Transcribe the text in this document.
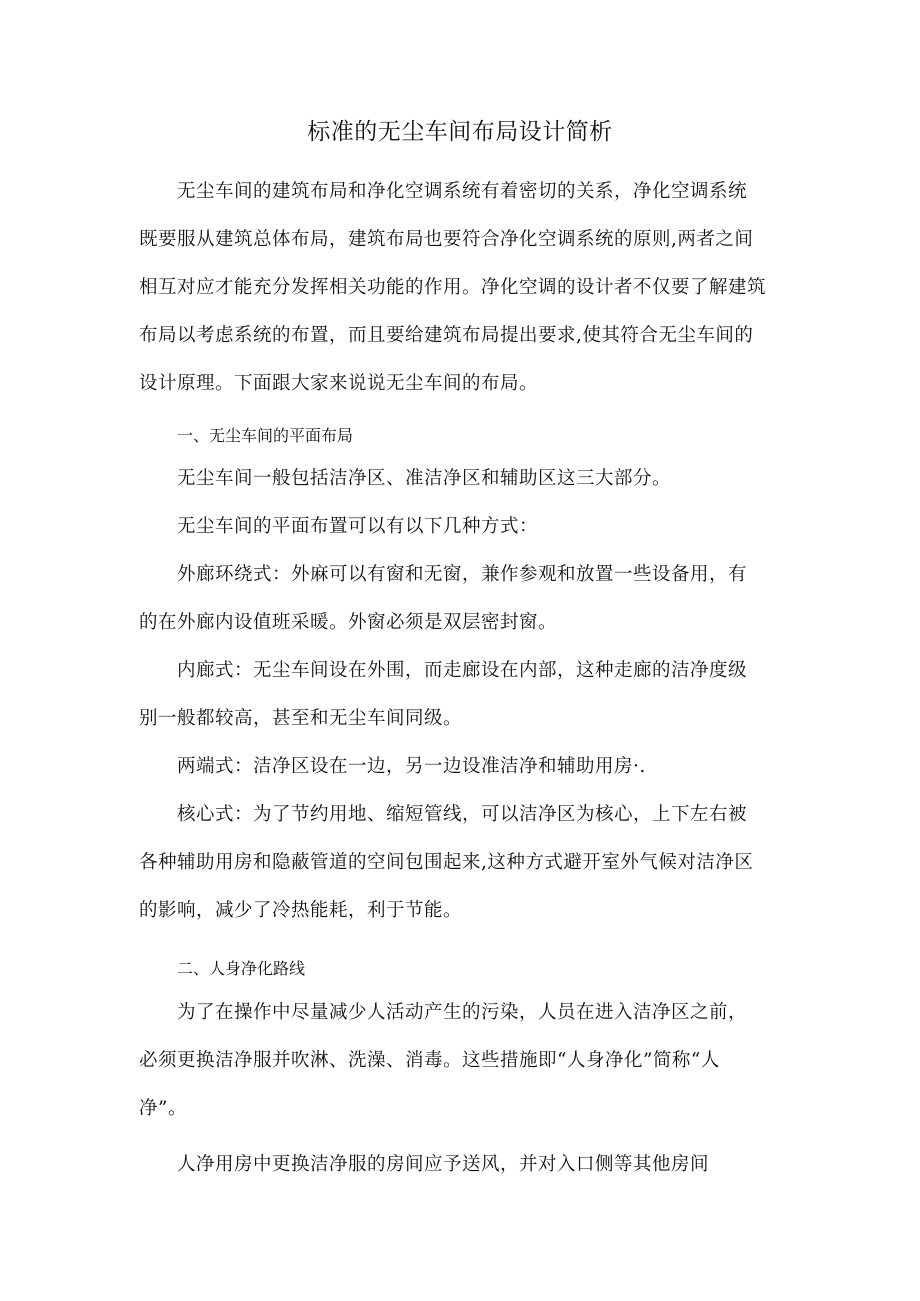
标准的无尘车间布局设计简析

无尘车间的建筑布局和净化空调系统有着密切的关系，净化空调系统
既要服从建筑总体布局，建筑布局也要符合净化空调系统的原则,两者之间
相互对应才能充分发挥相关功能的作用。净化空调的设计者不仅要了解建筑
布局以考虑系统的布置，而且要给建筑布局提出要求,使其符合无尘车间的
设计原理。下面跟大家来说说无尘车间的布局。

一、无尘车间的平面布局

无尘车间一般包括洁净区、准洁净区和辅助区这三大部分。

无尘车间的平面布置可以有以下几种方式：

外廊环绕式：外麻可以有窗和无窗，兼作参观和放置一些设备用，有
的在外廊内设值班采暖。外窗必须是双层密封窗。

内廊式：无尘车间设在外围，而走廊设在内部，这种走廊的洁净度级
别一般都较高，甚至和无尘车间同级。

两端式：洁净区设在一边，另一边设准洁净和辅助用房·.

核心式：为了节约用地、缩短管线，可以洁净区为核心，上下左右被
各种辅助用房和隐蔽管道的空间包围起来,这种方式避开室外气候对洁净区
的影响，减少了冷热能耗，利于节能。

二、人身净化路线

为了在操作中尽量减少人活动产生的污染，人员在进入洁净区之前，
必须更换洁净服并吹淋、洗澡、消毒。这些措施即“人身净化”简称“人
净”。

人净用房中更换洁净服的房间应予送风，并对入口侧等其他房间
